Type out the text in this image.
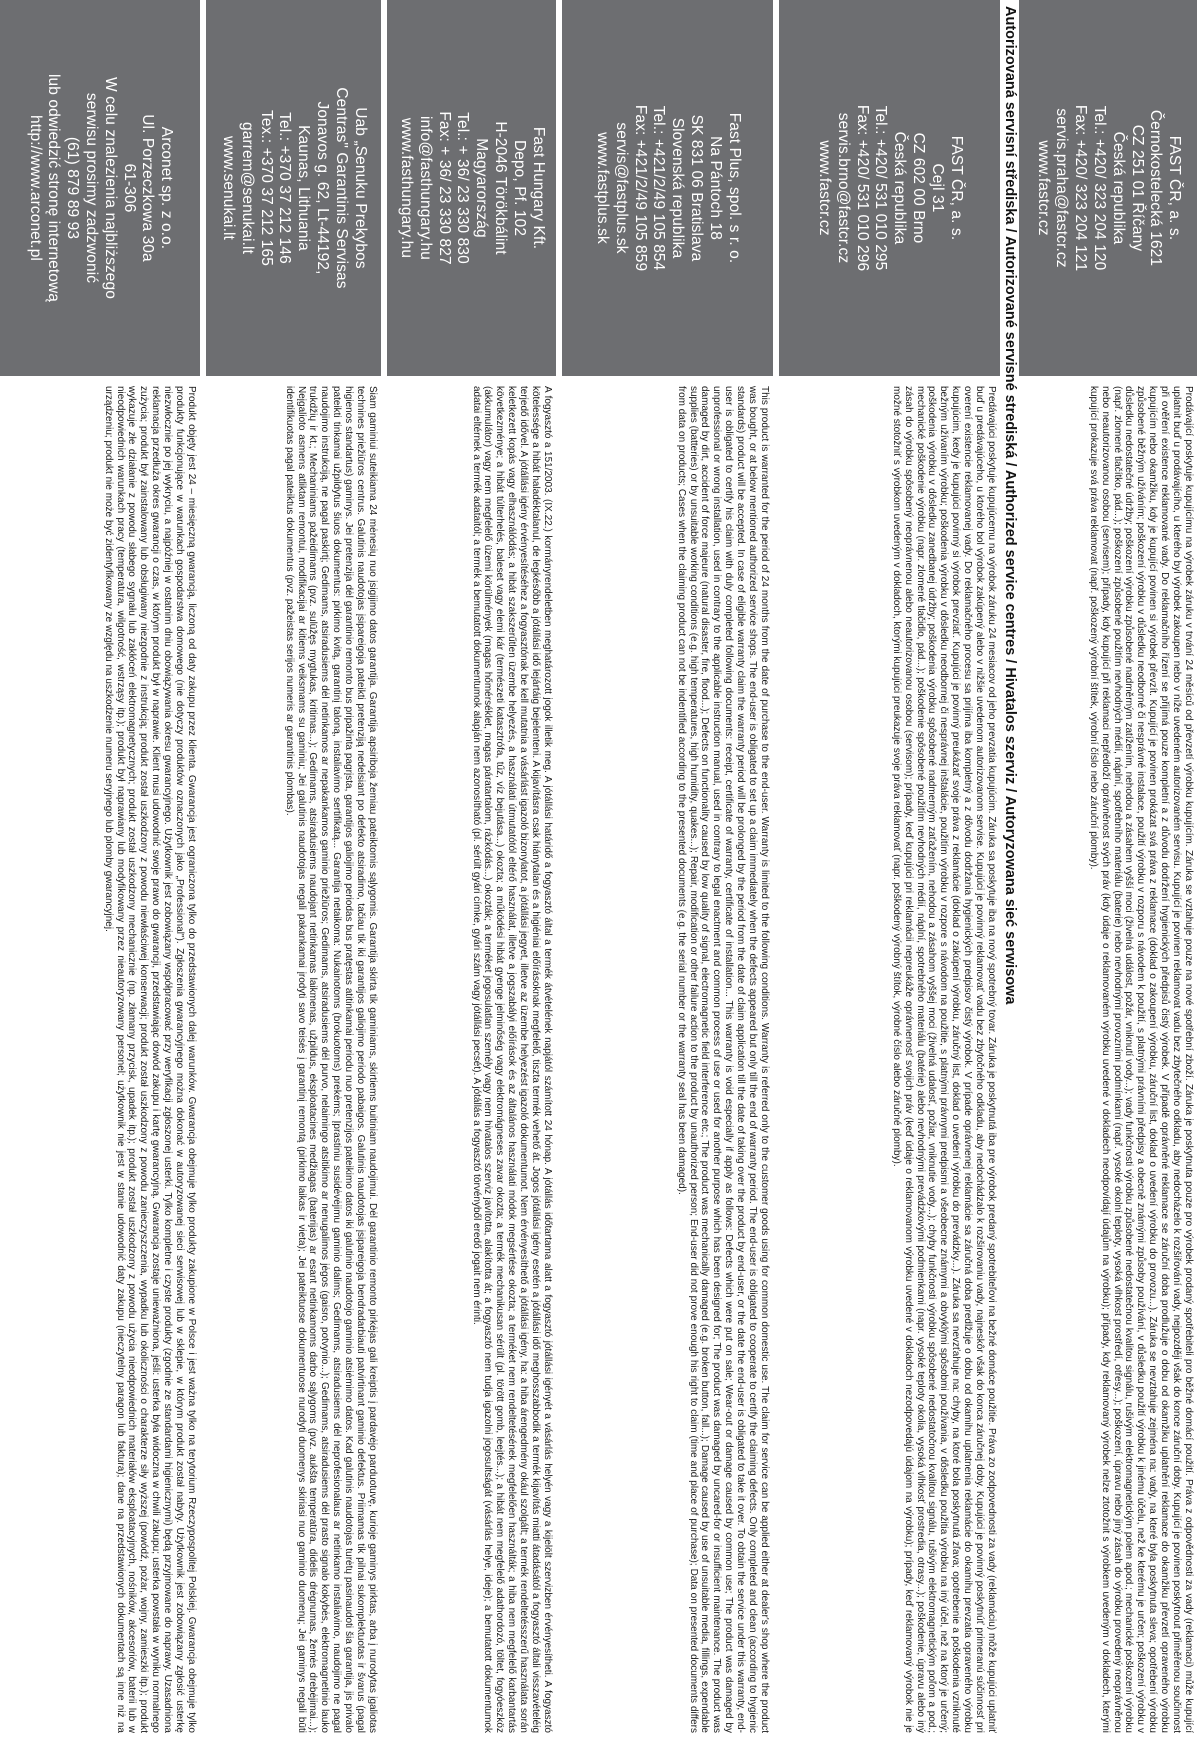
FAST ČR, a. s.
Černokostelecká 1621
CZ 251 01 Říčany
Česká republika
Tel.: +420/ 323 204 120
Fax: +420/ 323 204 121
servis.praha@fastcr.cz
www.fastcr.cz

Prodávající poskytuje kupujícímu na výrobek záruku v trvání 24 měsíců od převzetí výrobku kupujícím. Záruka se vztahuje pouze na nové spotřební zboží. Záruka je poskytnuta pouze pro výrobek prodaný spotřebiteli pro běžné domácí použití. Práva z odpovědnosti za vady (reklamaci) může kupující uplatnit buď u prodávajícího, u kterého byl výrobek zakoupen nebo v níže uvedeném autorizovaném servisu. Kupující je povinen reklamovat vadu bez zbytečného odkladu, aby nedocházelo k rozšiřování vady, nejpozději však do konce záruční doby. Kupující je povinen poskytnout přiměřenou součinnost při ověření existence reklamované vady. Do reklamačního řízení se přijímá pouze kompletní a z důvodu dodržení hygienických předpisů čistý výrobek. V případě oprávněné reklamace se záruční doba prodlužuje o dobu od okamžiku uplatnění reklamace do okamžiku převzetí opraveného výrobku kupujícím nebo okamžiku, kdy je kupující povinen si výrobek převzít. Kupující je povinen prokázat svá práva z reklamace (doklad o zakoupení výrobku, záruční list, doklad o uvedení výrobku do provozu...). Záruka se nevztahuje zejména na: vady, na které byla poskytnuta sleva; opotřebení výrobku způsobené běžným užíváním; poškození výrobku v důsledku neodborné či nesprávné instalace, použití výrobku v rozporu s návodem k použití, s platnými právními předpisy a obecně známými způsoby používání, v důsledku použití výrobku k jinému účelu, než ke kterému je určen; poškození výrobku v důsledku nedostatečné údržby; poškození výrobku způsobené nadměrným zatížením, nehodou a zásahem vyšší moci (živelná událost, požár, vniknutí vody...); vady funkčnosti výrobku způsobené nedostatečnou kvalitou signálu, rušivým elektromagnetickým polem apod.; mechanické poškození výrobku (např. zlomené tlačítko, pád...); poškození způsobené použitím nevhodných médií, náplní, spotřebního materiálu (baterie) nebo nevhodnými provozními podmínkami (např. vysoké okolní teploty, vysoká vlhkost prostředí, otřesy...); poškození, úpravu nebo jiný zásah do výrobku provedený neoprávněnou nebo neautorizovanou osobou (servisem); případy, kdy kupující při reklamaci nepředloží oprávněnost svých práv (kdy údaje o reklamovaném výrobku uvedené v dokladech neodpovídají údajům na výrobku); případy, kdy reklamovaný výrobek nelze ztotožnit s výrobkem uvedeným v dokladech, kterými kupující prokazuje svá práva reklamovat (např. poškozený výrobní štítek, výrobní číslo nebo záruční plomby).

Autorizovaná servisní střediska / Autorizované servisné strediská / Authorized service centres / Hivatalos szerviz / Autoryzowana sieć serwisowa
FAST ČR, a. s.
Cejl 31
CZ 602 00 Brno
Česká republika
Tel.: +420/ 531 010 295
Fax: +420/ 531 010 296
servis.brno@fastcr.cz
www.fastcr.cz

Predávajúci poskytuje kupujúcemu na výrobok záruku 24 mesiacov od jeho prevzatia kupujúcim. Záruka sa poskytuje iba na nový spotrebný tovar. Záruka je poskytnutá iba pre výrobok predaný spotrebiteľovi na bežné domáce použitie. Práva zo zodpovednosti za vady (reklamáciu) môže kupujúci uplatniť buď u predávajúceho, u ktorého bol výrobok zakúpený alebo v nižšie uvedenom autorizovanom servise. Kupujúci je povinný reklamovať vadu bez zbytočného odkladu, aby nedochádzalo k rozširovaniu vady, najneskôr však do konca záručnej doby. Kupujúci je povinný poskytnúť primeranú súčinnosť pri overení existencie reklamovanej vady. Do reklamačného procesu sa prijíma iba kompletný a z dôvodu dodržania hygienických predpisov čistý výrobok. V prípade oprávnenej reklamácie sa záručná doba predlžuje o dobu od okamihu uplatnenia reklamácie do okamihu prevzatia opraveného výrobku kupujúcim, kedy je kupujúci povinný si výrobok prevziať. Kupujúci je povinný preukázať svoje práva z reklamácie (doklad o zakúpení výrobku, záručný list, doklad o uvedení výrobku do prevádzky...). Záruka sa nevzťahuje na: chyby, na ktoré bola poskytnutá zľava; opotrebenie a poškodenia vzniknuté bežným užívaním výrobku; poškodenia výrobku v dôsledku neodbornej či nesprávnej inštalácie, použitím výrobku v rozpore s návodom na použitie, s platnými právnymi predpismi a všeobecne známymi a obvyklými spôsobmi používania, v dôsledku použitia výrobku na iný účel, než na ktorý je určený; poškodenia výrobku v dôsledku zanedbanej údržby; poškodenia výrobku spôsobené nadmerným zaťažením, nehodou a zásahom vyššej moci (živelná udalosť, požiar, vniknutie vody...); chyby funkčnosti výrobku spôsobené nedostatočnou kvalitou signálu, rušivým elektromagnetickým poľom a pod.; mechanické poškodenie výrobku (napr. zlomené tlačidlo, pád...); poškodenie spôsobené použitím nevhodných médií, náplní, spotrebného materiálu (batérie) alebo nevhodnými prevádzkovými podmienkami (napr. vysoké teploty okolia, vysoká vlhkosť prostredia, otrasy...); poškodenie, úpravu alebo iný zásah do výrobku spôsobený neoprávnenou alebo neautorizovanou osobou (servisom); prípady, keď kupujúci pri reklamácii nepreukáže oprávnenosť svojich práv (keď údaje o reklamovanom výrobku uvedené v dokladoch nezodpovedajú údajom na výrobku); prípady, keď reklamovaný výrobok nie je možné stotožniť s výrobkom uvedeným v dokladoch, ktorými kupujúci preukazuje svoje práva reklamovať (napr. poškodený výrobný štítok, výrobné číslo alebo záručné plomby).

Fast Plus, spol. s r. o.
Na Pántoch 18
SK 831 06 Bratislava
Slovenská republika
Tel.: +421/2/49 105 854
Fax: +421/2/49 105 859
servis@fastplus.sk
www.fastplus.sk

This product is warranted for the period of 24 months from the date of purchase to the end-user. Warranty is limited to the following conditions. Warranty is referred only to the customer goods using for common domestic use. The claim for service can be applied either at dealer's shop where the product was bought, or at below mentioned authorized service shops. The end-user is obligated to set up a claim immediately when the defects appeared but only till the end of warranty period. The end-user is obligated to cooperate to certify the claiming defects. Only completed and clean (according to hygienic standards) product will be accepted. In case of eligible warranty claim the warranty period will be prolonged by the period from the date of claim application till the date of taking over the product by end-user, or the date the end-user is obligated to take it over. To obtain the service under this warranty, end-user is obligated to certify his claim with duly completed following documents: receipt, certificate of warranty, certificate of installation... This warranty is void especially if apply as follows: Defects which were put on sale; Wear-out or damage caused by common use; The product was damaged by unprofessional or wrong installation, used in contrary to the applicable instruction manual, used in contrary to legal enactment and common process of use or used for another purpose which has been designed for; The product was damaged by uncared-for or insufficient maintenance. The product was damaged by dirt, accident of force majeure (natural disaster, fire, flood...); Defects on functionality caused by low quality of signal, electromagnetic field interference etc.; The product was mechanically damaged (e.g. broken button, fall...); Damage caused by use of unsuitable media, fillings, expendable supplies (batteries) or by unsuitable working conditions (e.g. high temperatures, high humidity, quakes...); Repair, modification or other failure action to the product by unauthorized person; End-user did not prove enough his right to claim (time and place of purchase); Data on presented documents differs from data on products; Cases when the claiming product can not be indentified according to the presented documents (e.g. the serial number or the warranty seal has been damaged).

Fast Hungary Kft.
Depo, Pf. 102
H-2046 Törökbálint
Magyarország
Tel.: + 36/ 23 330 830
Fax: + 36/ 23 330 827
info@fasthungary.hu
www.fasthungary.hu

A fogyasztó a 151/2003. (IX.22.) kormányrendeletben meghatározott jogok illetik meg. A jótállási határidő a fogyasztó által a termék átvételének napjától számított 24 hónap. A jótállás időtartama alatt a fogyasztó jótállási igényét a vásárlás helyén vagy a kijelölt szervizben érvényesítheti. A fogyasztó kötelessége a hibát haladéktalanul, de legkésőbb a jótállási idő lejártáig bejelenteni. A kijavításra csak hiánytalan és a higiéniai előírásoknak megfelelő, tiszta termék vehető át. Jogos jótállási igény esetén a jótállási idő meghosszabbodik a termék kijavítás miatti átadásától a fogyasztó általi visszavételéig terjedő idővel. A jótállási igény érvényesítéséhez a fogyasztónak be kell mutatnia a vásárlást igazoló bizonylatot, a jótállási jegyet, illetve az üzembe helyezést igazoló dokumentumot. Nem érvényesíthető a jótállási igény, ha: a hiba árengedmény okául szolgált; a termék rendeltetésszerű használata során keletkezett kopás vagy elhasználódás; a hibát szakszerűtlen üzembe helyezés, a használati útmutatótól eltérő használat, illetve a jogszabályi előírások és az általános használati módok megsértése okozta; a terméket nem rendeltetésének megfelelően használták; a hiba nem megfelelő karbantartás következménye; a hibát túlterhelés, baleset vagy elemi kár (természeti katasztrófa, tűz, víz bejutása...) okozta; a működési hibát gyenge jelminőség vagy elektromágneses zavar okozta; a termék mechanikusan sérült (pl. törött gomb, leejtés...); a hibát nem megfelelő adathordozó, töltet, fogyóeszköz (akkumulátor) vagy nem megfelelő üzemi körülmények (magas hőmérséklet, magas páratartalom, rázkódás...) okozták; a terméket jogosulatlan személy vagy nem hivatalos szerviz javította, alakította át; a fogyasztó nem tudja igazolni jogosultságát (vásárlás helye, ideje); a bemutatott dokumentumok adatai eltérnek a termék adataitól; a termék a bemutatott dokumentumok alapján nem azonosítható (pl. sérült gyári címke, gyári szám vagy jótállási pecsét). A jótállás a fogyasztó törvényből eredő jogait nem érinti.

Uab „Senuku Prekybos
Centras" Garantinis Servisas
Jonavos g. 62, Lt-44192,
Kaunas, Lithuania
Tel.: +370 37 212 146
Tex.: +370 37 212 165
garrem@senukai.lt
www.senukai.lt

Šiam gaminiui suteikiama 24 mėnesių nuo įsigijimo datos garantija. Garantija apsiriboja žemiau pateiktomis sąlygomis. Garantija skirta tik gaminiams, skirtiems buitiniam naudojimui. Dėl garantinio remonto pirkėjas gali kreiptis į pardavėjo parduotuvę, kurioje gaminys pirktas, arba į nurodytas įgaliotas technines priežiūros centrus. Galutinis naudotojas įsipareigoja pateikti pretenziją nedelsiant po defekto atsiradimo, tačiau tik iki garantijos galiojimo periodo pabaigos. Galutinis naudotojas įsipareigoja bendradarbiauti patvirtinant gaminio defektus. Priimamas tik pilnai sukomplektuotas ir švarus (pagal higienos standartus) gaminys. Jei pretenzija dėl garantinio remonto bus pripažinta pagrįsta, garantijos galiojimo periodas bus pratęstas atitinkamai periodu nuo pretenzijos pateikimo datos iki galutinio naudotojo gaminio atsiėmimo datos. Kad galutinis naudotojas turėtų pasinaudoti šia garantija, jis privalo pateikti tinkamai užpildytus šiuos dokumentus: pirkimo kvitą, garantinį taloną, instaliavimo sertifikatą... Garantija netaikoma: Nukainotoms (brokuotoms) prekėms; Įprastiniu susidėvėjimu gaminio dalims; Gedimams, atsiradusiems dėl neprofesionalaus ar netinkamo instaliavimo, naudojimo ne pagal naudojimo instrukciją, ne pagal paskirtį; Gedimams, atsiradusiems dėl netinkamos ar nepakankamos gaminio priežiūros; Gedimams, atsiradusiems dėl purvo, nelaimingo atsitikimo ar nenugalimos jėgos (gaisro, potvynio...); Gedimams, atsiradusiems dėl prasto signalo kokybės, elektromagnetinio lauko trukdžių ir kt.; Mechaniniams pažeidimams (pvz. sulūžęs mygtukas, kritimas...); Gedimams, atsiradusiems naudojant netinkamas laikmenas, užpildus, eksploatacines medžiagas (baterijas) ar esant netinkamoms darbo sąlygoms (pvz. aukšta temperatūra, didelis drėgnumas, žemės drebėjimai...); Neįgalioto asmens atliktam remontui, modifikacijai ar kitiems veiksmams su gaminiu; Jei galutinis naudotojas negali pakankamai įrodyti savo teisės į garantinį remontą (pirkimo laikas ir vieta); Jei pateiktuose dokumentuose nurodyti duomenys skiriasi nuo gaminio duomenų; Jei gaminys negali būti identifikuotas pagal pateiktus dokumentus (pvz. pažeistas serijos numeris ar garantinis plombas).

Arconet sp. z o.o.
Ul. Porzeczkowa 30a
61-306
W celu znalezienia najbliższego
serwisu prosimy zadzwonić
(61) 879 89 93
lub odwiedzić stronę internetową
http://www.arconet.pl

Produkt objęty jest 24 – miesięczną gwarancją, liczoną od daty zakupu przez klienta. Gwarancja jest ograniczona tylko do przedstawionych dalej warunków. Gwarancja obejmuje tylko produkty zakupione w Polsce i jest ważna tylko na terytorium Rzeczypospolitej Polskiej. Gwarancja obejmuje tylko produkty funkcjonujące w warunkach gospodarstwa domowego (nie dotyczy produktów oznaczonych jako „Professional"). Zgłoszenia gwarancyjnego można dokonać w autoryzowanej sieci serwisowej lub w sklepie, w którym produkt został nabyty. Użytkownik jest zobowiązany zgłosić usterkę niezwłocznie po jej wykryciu, a najpóźniej w ostatnim dniu obowiązywania okresu gwarancyjnego. Użytkownik jest zobowiązany współpracować przy weryfikacji zgłoszonej usterki. Tylko kompletne i czyste produkty (zgodnie ze standardami higienicznymi) będą przyjmowane do naprawy. Uzasadniona reklamacja przedłuża okres gwarancji o czas, w którym produkt był w naprawie. Klient musi udowodnić swoje prawo do gwarancji, przedstawiając dowód zakupu i kartę gwarancyjną. Gwarancja zostaje unieważniona, jeśli: usterka była widoczna w chwili zakupu; usterka powstała w wyniku normalnego zużycia; produkt był zainstalowany lub obsługiwany niezgodnie z instrukcją; produkt został uszkodzony z powodu niewłaściwej konserwacji; produkt został uszkodzony z powodu zanieczyszczenia, wypadku lub okoliczności o charakterze siły wyższej (powódź, pożar, wojny, zamieszki itp.); produkt wykazuje złe działanie z powodu słabego sygnału lub zakłóceń elektromagnetycznych; produkt został uszkodzony mechanicznie (np. złamany przycisk, upadek itp.); produkt został uszkodzony z powodu użycia nieodpowiednich materiałów eksploatacyjnych, nośników, akcesoriów, baterii lub w nieodpowiednich warunkach pracy (temperatura, wilgotność, wstrząsy itp.); produkt był naprawiany lub modyfikowany przez nieautoryzowany personel; użytkownik nie jest w stanie udowodnić daty zakupu (nieczytelny paragon lub faktura); dane na przedstawionych dokumentach są inne niż na urządzeniu; produkt nie może być zidentyfikowany ze względu na uszkodzenie numeru seryjnego lub plomby gwarancyjnej.
